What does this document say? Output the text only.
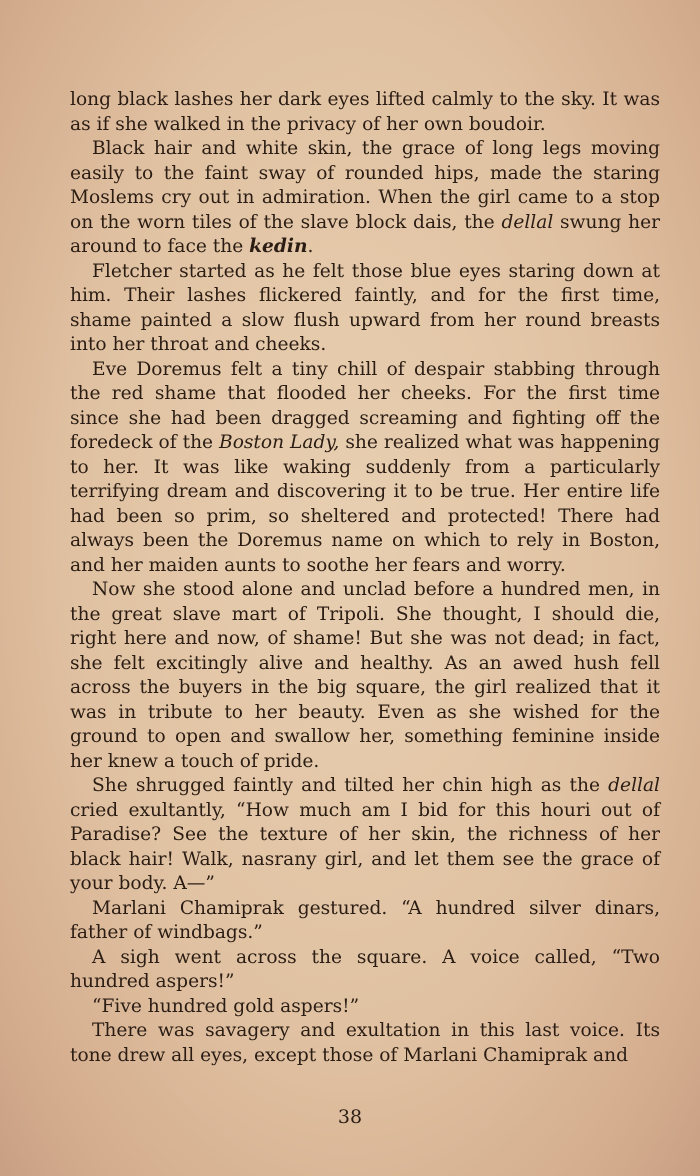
long black lashes her dark eyes lifted calmly to the sky. It was as if she walked in the privacy of her own boudoir.

Black hair and white skin, the grace of long legs moving easily to the faint sway of rounded hips, made the staring Moslems cry out in admiration. When the girl came to a stop on the worn tiles of the slave block dais, the dellal swung her around to face the kedin.

Fletcher started as he felt those blue eyes staring down at him. Their lashes flickered faintly, and for the first time, shame painted a slow flush upward from her round breasts into her throat and cheeks.

Eve Doremus felt a tiny chill of despair stabbing through the red shame that flooded her cheeks. For the first time since she had been dragged screaming and fighting off the foredeck of the Boston Lady, she realized what was happening to her. It was like waking suddenly from a particularly terrifying dream and discovering it to be true. Her entire life had been so prim, so sheltered and protected! There had always been the Doremus name on which to rely in Boston, and her maiden aunts to soothe her fears and worry.

Now she stood alone and unclad before a hundred men, in the great slave mart of Tripoli. She thought, I should die, right here and now, of shame! But she was not dead; in fact, she felt excitingly alive and healthy. As an awed hush fell across the buyers in the big square, the girl realized that it was in tribute to her beauty. Even as she wished for the ground to open and swallow her, something feminine inside her knew a touch of pride.

She shrugged faintly and tilted her chin high as the dellal cried exultantly, “How much am I bid for this houri out of Paradise? See the texture of her skin, the richness of her black hair! Walk, nasrany girl, and let them see the grace of your body. A—”

Marlani Chamiprak gestured. “A hundred silver dinars, father of windbags.”

A sigh went across the square. A voice called, “Two hundred aspers!”

“Five hundred gold aspers!”

There was savagery and exultation in this last voice. Its tone drew all eyes, except those of Marlani Chamiprak and

38
